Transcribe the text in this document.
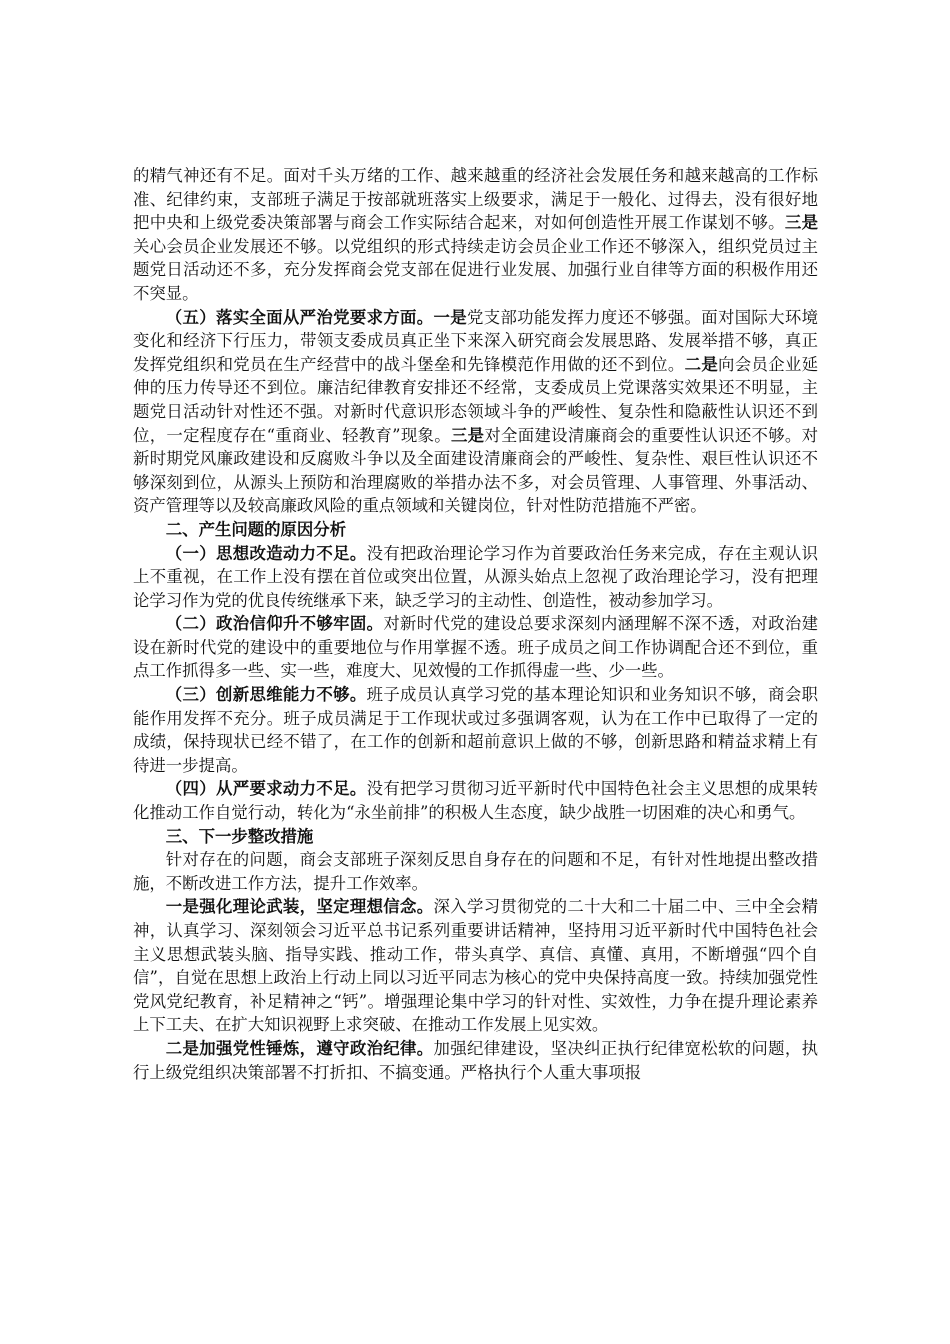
的精气神还有不足。面对千头万绪的工作、越来越重的经济社会发展任务和越来越高的工作标准、纪律约束，支部班子满足于按部就班落实上级要求，满足于一般化、过得去，没有很好地把中央和上级党委决策部署与商会工作实际结合起来，对如何创造性开展工作谋划不够。三是关心会员企业发展还不够。以党组织的形式持续走访会员企业工作还不够深入，组织党员过主题党日活动还不多，充分发挥商会党支部在促进行业发展、加强行业自律等方面的积极作用还不突显。

（五）落实全面从严治党要求方面。一是党支部功能发挥力度还不够强。面对国际大环境变化和经济下行压力，带领支委成员真正坐下来深入研究商会发展思路、发展举措不够，真正发挥党组织和党员在生产经营中的战斗堡垒和先锋模范作用做的还不到位。二是向会员企业延伸的压力传导还不到位。廉洁纪律教育安排还不经常，支委成员上党课落实效果还不明显，主题党日活动针对性还不强。对新时代意识形态领域斗争的严峻性、复杂性和隐蔽性认识还不到位，一定程度存在“重商业、轻教育”现象。三是对全面建设清廉商会的重要性认识还不够。对新时期党风廉政建设和反腐败斗争以及全面建设清廉商会的严峻性、复杂性、艰巨性认识还不够深刻到位，从源头上预防和治理腐败的举措办法不多，对会员管理、人事管理、外事活动、资产管理等以及较高廉政风险的重点领域和关键岗位，针对性防范措施不严密。

二、产生问题的原因分析

（一）思想改造动力不足。没有把政治理论学习作为首要政治任务来完成，存在主观认识上不重视，在工作上没有摆在首位或突出位置，从源头始点上忽视了政治理论学习，没有把理论学习作为党的优良传统继承下来，缺乏学习的主动性、创造性，被动参加学习。

（二）政治信仰升不够牢固。对新时代党的建设总要求深刻内涵理解不深不透，对政治建设在新时代党的建设中的重要地位与作用掌握不透。班子成员之间工作协调配合还不到位，重点工作抓得多一些、实一些，难度大、见效慢的工作抓得虚一些、少一些。

（三）创新思维能力不够。班子成员认真学习党的基本理论知识和业务知识不够，商会职能作用发挥不充分。班子成员满足于工作现状或过多强调客观，认为在工作中已取得了一定的成绩，保持现状已经不错了，在工作的创新和超前意识上做的不够，创新思路和精益求精上有待进一步提高。

（四）从严要求动力不足。没有把学习贯彻习近平新时代中国特色社会主义思想的成果转化推动工作自觉行动，转化为“永坐前排”的积极人生态度，缺少战胜一切困难的决心和勇气。

三、下一步整改措施

针对存在的问题，商会支部班子深刻反思自身存在的问题和不足，有针对性地提出整改措施，不断改进工作方法，提升工作效率。

一是强化理论武装，坚定理想信念。深入学习贯彻党的二十大和二十届二中、三中全会精神，认真学习、深刻领会习近平总书记系列重要讲话精神，坚持用习近平新时代中国特色社会主义思想武装头脑、指导实践、推动工作，带头真学、真信、真懂、真用，不断增强“四个自信”，自觉在思想上政治上行动上同以习近平同志为核心的党中央保持高度一致。持续加强党性党风党纪教育，补足精神之“钙”。增强理论集中学习的针对性、实效性，力争在提升理论素养上下工夫、在扩大知识视野上求突破、在推动工作发展上见实效。

二是加强党性锤炼，遵守政治纪律。加强纪律建设，坚决纠正执行纪律宽松软的问题，执行上级党组织决策部署不打折扣、不搞变通。严格执行个人重大事项报
